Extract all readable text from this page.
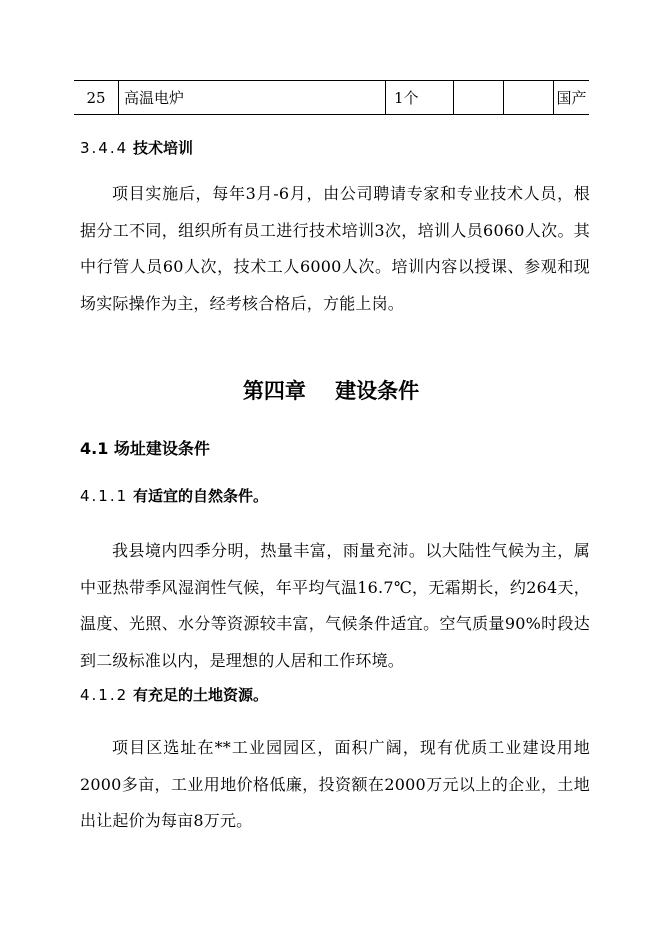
25	高温电炉	1个			国产
3.4.4 技术培训

项目实施后，每年3月-6月，由公司聘请专家和专业技术人员，根据分工不同，组织所有员工进行技术培训3次，培训人员6060人次。其中行管人员60人次，技术工人6000人次。培训内容以授课、参观和现场实际操作为主，经考核合格后，方能上岗。

第四章    建设条件
4.1 场址建设条件
4.1.1 有适宜的自然条件。

我县境内四季分明，热量丰富，雨量充沛。以大陆性气候为主，属中亚热带季风湿润性气候，年平均气温16.7℃，无霜期长，约264天，温度、光照、水分等资源较丰富，气候条件适宜。空气质量90%时段达到二级标准以内，是理想的人居和工作环境。

4.1.2 有充足的土地资源。

项目区选址在**工业园园区，面积广阔，现有优质工业建设用地2000多亩，工业用地价格低廉，投资额在2000万元以上的企业，土地出让起价为每亩8万元。
